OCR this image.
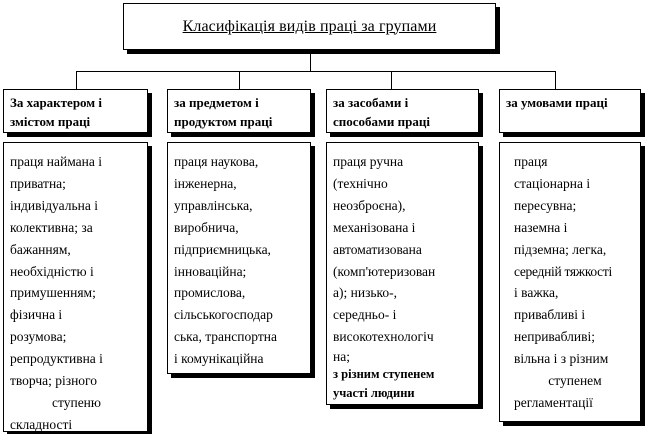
Класифікація видів праці за групами
За характером і
змістом праці
праця наймана і
приватна;
індивідуальна і
колективна; за
бажанням,
необхідністю і
примушенням;
фізична і
розумова;
репродуктивна і
творча; різного
ступеню
складності
за предметом і
продуктом праці
праця наукова,
інженерна,
управлінська,
виробнича,
підприємницька,
інноваційна;
промислова,
сільськогосподар
ська, транспортна
і комунікаційна
за засобами і
способами праці
праця ручна
(технічно
неозброєна),
механізована і
автоматизована
(комп'ютеризован
а); низько-,
середньо- і
високотехнологіч
на;
з різним ступенем
участі людини
за умовами праці
праця
стаціонарна і
пересувна;
наземна і
підземна; легка,
середній тяжкості
і важка,
привабливі і
непривабливі;
вільна і з різним
ступенем
регламентації
